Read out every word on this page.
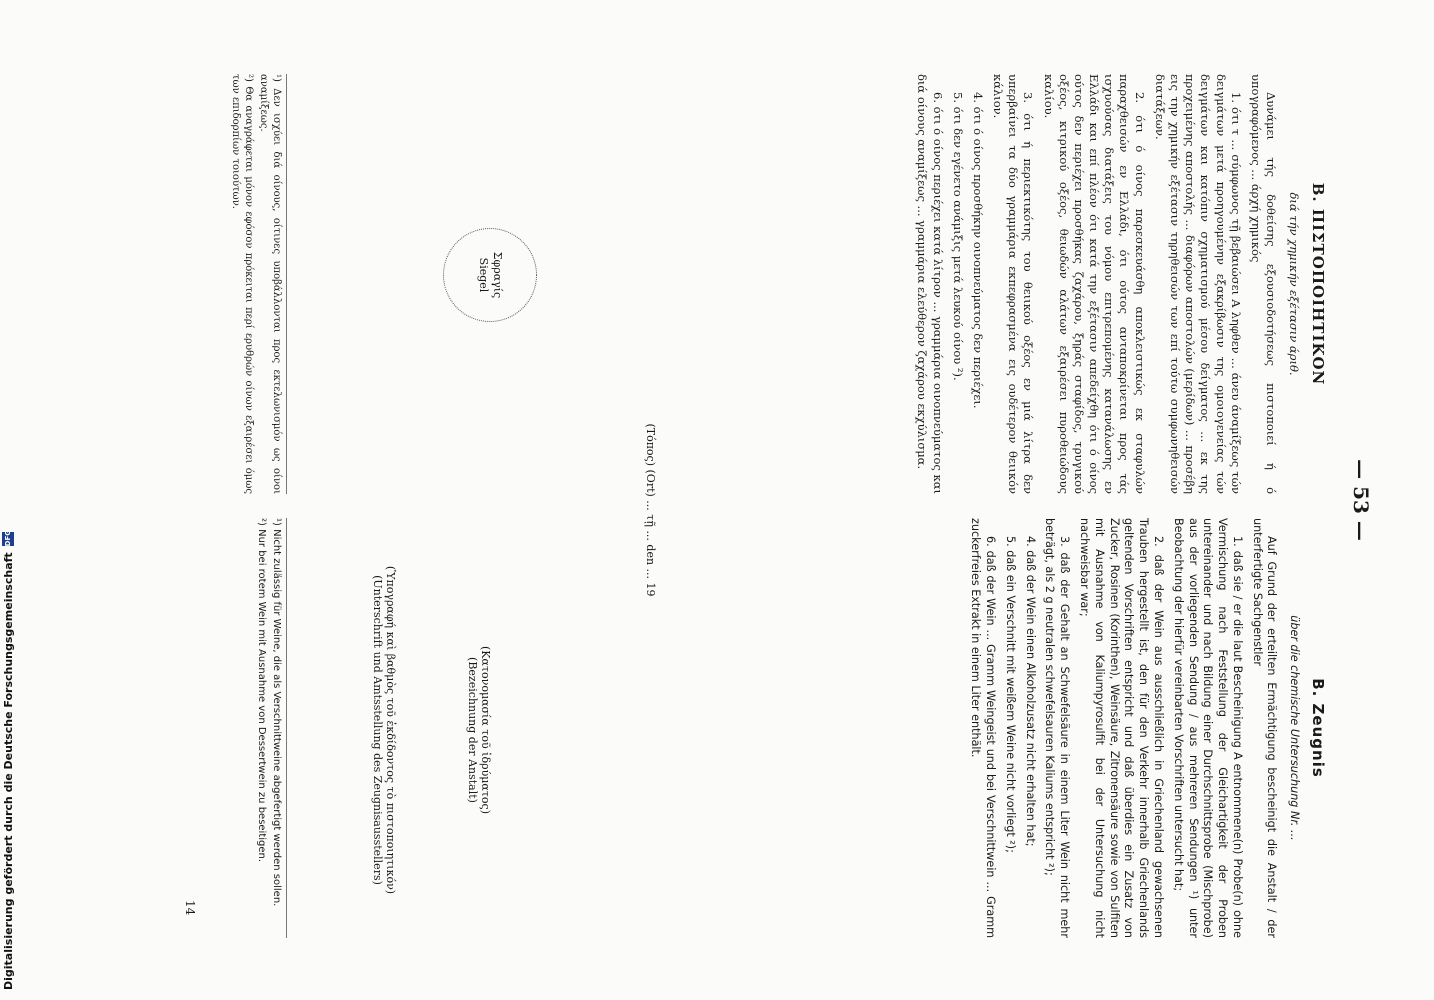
— 53 —
Β. ΠΙΣΤΟΠΟΙΗΤΙΚΟΝ
διά τήν χημικήν εξέτασιν άριθ.

Δυνάμει τής δοθείσης εξουσιοδοτήσεως πιστοποιεί ή ό υπογραφόμενος ... άρχή χημικός

1. ότι τ ... σύμφωνος τῇ βεβαιώσει Α ληφθεν ... άνευ άναμίξεως τών δειγμάτων μετά προηγουμένην εξακρίβωσιν της ομοιογενείας τών δειγμάτων και κατόπιν σχηματισμού μέσου δείγματος ... εκ της προχειμένης αποστολής ... διαφόρων αποστολών (μερίδων) ... προσέβη εις την χημικήν εξέτασιν τηρηθεισών των επί τούτω συμφωνηθεισών διατάξεων.

2. ότι ό οίνος παρεσκευάσθη αποκλειστικώς εκ σταφυλών παραχθεισών εν Ελλάδι, ότι ούτος ανταποκρίνεται προς τάς ισχυούσας διατάξεις του νόμου επιτρεπομένης κατανάλωσης εν Ελλάδι και επί πλέον ότι κατά την εξέτασιν απεδείχθη ότι ό οίνος ούτος δεν περιέχει προσθήκας ζαχάρου, ξηράς σταφίδος, τρυγικού οξέος, κιτρικού οξέος, θειωδών αλάτων εξαιρέσει πυροθειώδους καλίου.

3. ότι ή περιεκτικότης του θειικού οξέος εν μιά λίτρα δεν υπερβαίνει τα δύο γραμμάρια εκπεφρασμένα εις ουδέτερον θειικόν κάλιον.

4. ότι ό οίνος προσθήκην οινοπνεύματος δεν περιέχει.

5. ότι δεν εγένετο ανάμιξις μετά λευκού οίνου ²).

6. ότι ό οίνος περιέχει κατά λίτρον ... γραμμάρια οινοπνεύματος και διά οίνους αναμίξεως ... γραμμάρια ελεύθερον ζαχάρου εκχύλισμα.

B. Zeugnis
über die chemische Untersuchung Nr. ...

Auf Grund der erteilten Ermächtigung bescheinigt die Anstalt / der unterfertigte Sachgenstler

1. daß sie / er die laut Bescheinigung A entnommene(n) Probe(n) ohne Vermischung nach Feststellung der Gleichartigkeit der Proben untereinander und nach Bildung einer Durchschnittsprobe (Mischprobe) aus der vorliegenden Sendung / aus mehreren Sendungen ¹) unter Beobachtung der hierfür vereinbarten Vorschriften untersucht hat;

2. daß der Wein aus ausschließlich in Griechenland gewachsenen Trauben hergestellt ist, den für den Verkehr innerhalb Griechenlands geltenden Vorschriften entspricht und daß überdies ein Zusatz von Zucker, Rosinen (Korinthen), Weinsäure, Zitronensäure sowie von Sulfiten mit Ausnahme von Kaliumpyrosulfit bei der Untersuchung nicht nachweisbar war;

3. daß der Gehalt an Schwefelsäure in einem Liter Wein nicht mehr beträgt, als 2 g neutralen schwefelsauren Kaliums entspricht ²);

4. daß der Wein einen Alkoholzusatz nicht erhalten hat;

5. daß ein Verschnitt mit weißem Weine nicht vorliegt ²);

6. daß der Wein ... Gramm Weingeist und bei Verschnittwein ... Gramm zuckerfreies Extrakt in einem Liter enthält.

(Τόπος) (Ort) ... τῇ ... den ... 19
(Κατονομασία τοῦ ἱδρύματος)
(Bezeichnung der Anstalt)
Σφραγίς
Siegel
(Ὑπογραφή καὶ βαθμὸς τοῦ ἐκδίδοντος τὸ πιστοποιητικόν)
(Unterschrift und Amtsstellung des Zeugnisausstellers)

¹) Δεν ισχύει διά οίνους, οίτινες υποβάλλονται προς εκτελωνισμόν ως οίνοι αναμίξεως.

²) Θα αναγράφεται μόνον εφόσον πρόκειται περί ερυθρών οίνων εξαιρέσει όμως των επιδορπίων τοιούτων.

¹) Nicht zulässig für Weine, die als Verschnittweine abgefertigt werden sollen.

²) Nur bei rotem Wein mit Ausnahme von Dessertwein zu beseitigen.

14
Digitalisierung gefördert durch die Deutsche Forschungsgemeinschaft
DFG
